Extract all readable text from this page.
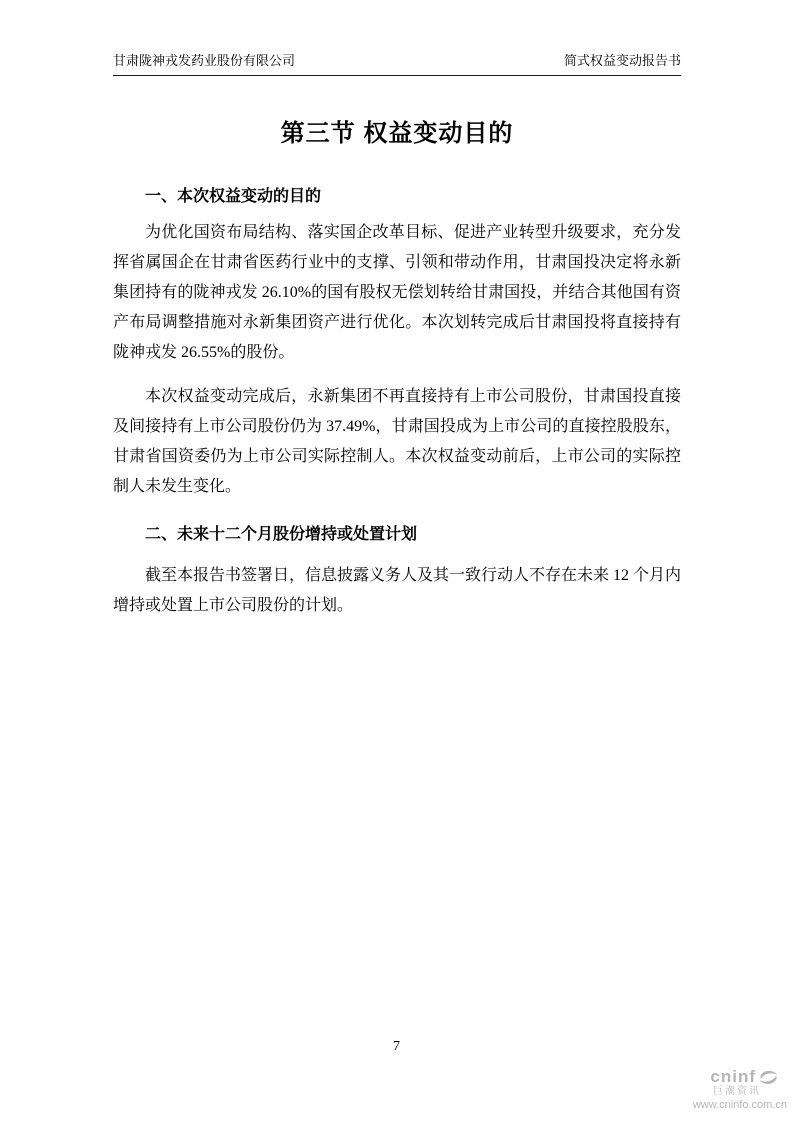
甘肃陇神戎发药业股份有限公司	简式权益变动报告书
第三节 权益变动目的
一、本次权益变动的目的

为优化国资布局结构、落实国企改革目标、促进产业转型升级要求，充分发挥省属国企在甘肃省医药行业中的支撑、引领和带动作用，甘肃国投决定将永新集团持有的陇神戎发 26.10%的国有股权无偿划转给甘肃国投，并结合其他国有资产布局调整措施对永新集团资产进行优化。本次划转完成后甘肃国投将直接持有陇神戎发 26.55%的股份。

本次权益变动完成后，永新集团不再直接持有上市公司股份，甘肃国投直接及间接持有上市公司股份仍为 37.49%，甘肃国投成为上市公司的直接控股股东，甘肃省国资委仍为上市公司实际控制人。本次权益变动前后，上市公司的实际控制人未发生变化。

二、未来十二个月股份增持或处置计划

截至本报告书签署日，信息披露义务人及其一致行动人不存在未来 12 个月内增持或处置上市公司股份的计划。

7
cninf
巨潮资讯
www.cninfo.com.cn
